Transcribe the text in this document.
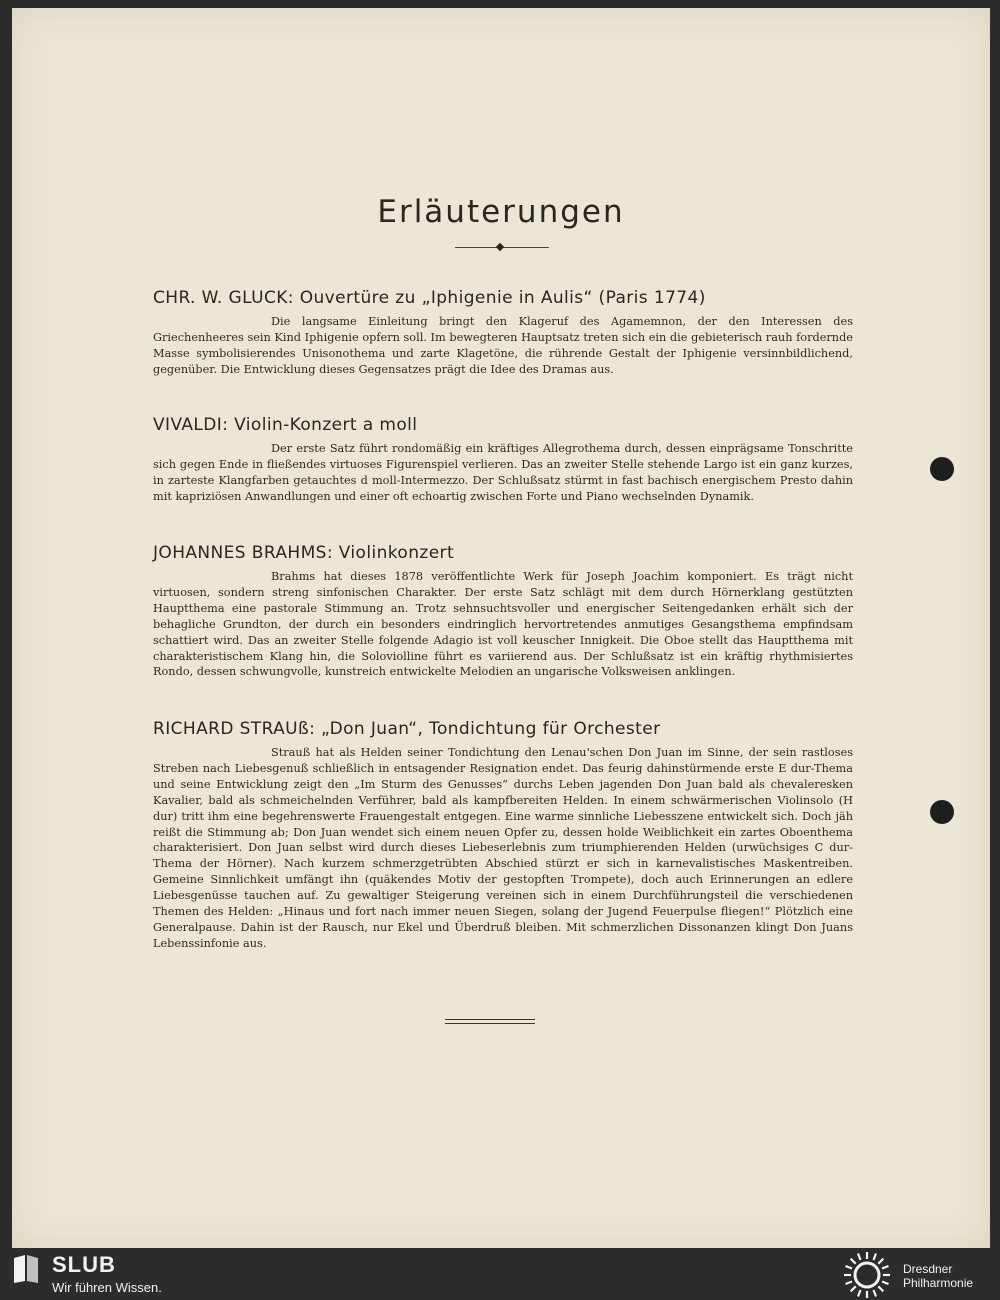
Erläuterungen
CHR. W. GLUCK: Ouvertüre zu „Iphigenie in Aulis“ (Paris 1774)

Die langsame Einleitung bringt den Klageruf des Agamemnon, der den Interessen des Griechenheeres sein Kind Iphigenie opfern soll. Im bewegteren Hauptsatz treten sich ein die gebieterisch rauh fordernde Masse symbolisierendes Unisonothema und zarte Klagetöne, die rührende Gestalt der Iphigenie versinnbildlichend, gegenüber. Die Entwicklung dieses Gegensatzes prägt die Idee des Dramas aus.

VIVALDI: Violin-Konzert a moll

Der erste Satz führt rondomäßig ein kräftiges Allegrothema durch, dessen einprägsame Tonschritte sich gegen Ende in fließendes virtuoses Figurenspiel verlieren. Das an zweiter Stelle stehende Largo ist ein ganz kurzes, in zarteste Klangfarben getauchtes d moll-Intermezzo. Der Schlußsatz stürmt in fast bachisch energischem Presto dahin mit kapriziösen Anwandlungen und einer oft echoartig zwischen Forte und Piano wechselnden Dynamik.

JOHANNES BRAHMS: Violinkonzert

Brahms hat dieses 1878 veröffentlichte Werk für Joseph Joachim komponiert. Es trägt nicht virtuosen, sondern streng sinfonischen Charakter. Der erste Satz schlägt mit dem durch Hörnerklang gestützten Hauptthema eine pastorale Stimmung an. Trotz sehnsuchtsvoller und energischer Seitengedanken erhält sich der behagliche Grundton, der durch ein besonders eindringlich hervortretendes anmutiges Gesangsthema empfindsam schattiert wird. Das an zweiter Stelle folgende Adagio ist voll keuscher Innigkeit. Die Oboe stellt das Hauptthema mit charakteristischem Klang hin, die Soloviolline führt es variierend aus. Der Schlußsatz ist ein kräftig rhythmisiertes Rondo, dessen schwungvolle, kunstreich entwickelte Melodien an ungarische Volksweisen anklingen.

RICHARD STRAUß: „Don Juan“, Tondichtung für Orchester

Strauß hat als Helden seiner Tondichtung den Lenau'schen Don Juan im Sinne, der sein rastloses Streben nach Liebesgenuß schließlich in entsagender Resignation endet. Das feurig dahinstürmende erste E dur-Thema und seine Entwicklung zeigt den „Im Sturm des Genusses“ durchs Leben jagenden Don Juan bald als chevaleresken Kavalier, bald als schmeichelnden Verführer, bald als kampfbereiten Helden. In einem schwärmerischen Violinsolo (H dur) tritt ihm eine begehrenswerte Frauengestalt entgegen. Eine warme sinnliche Liebesszene entwickelt sich. Doch jäh reißt die Stimmung ab; Don Juan wendet sich einem neuen Opfer zu, dessen holde Weiblichkeit ein zartes Oboenthema charakterisiert. Don Juan selbst wird durch dieses Liebeserlebnis zum triumphierenden Helden (urwüchsiges C dur-Thema der Hörner). Nach kurzem schmerzgetrübten Abschied stürzt er sich in karnevalistisches Maskentreiben. Gemeine Sinnlichkeit umfängt ihn (quäkendes Motiv der gestopften Trompete), doch auch Erinnerungen an edlere Liebesgenüsse tauchen auf. Zu gewaltiger Steigerung vereinen sich in einem Durchführungsteil die verschiedenen Themen des Helden: „Hinaus und fort nach immer neuen Siegen, solang der Jugend Feuerpulse fliegen!“ Plötzlich eine Generalpause. Dahin ist der Rausch, nur Ekel und Überdruß bleiben. Mit schmerzlichen Dissonanzen klingt Don Juans Lebenssinfonie aus.

SLUB
Wir führen Wissen.
Dresdner
Philharmonie
